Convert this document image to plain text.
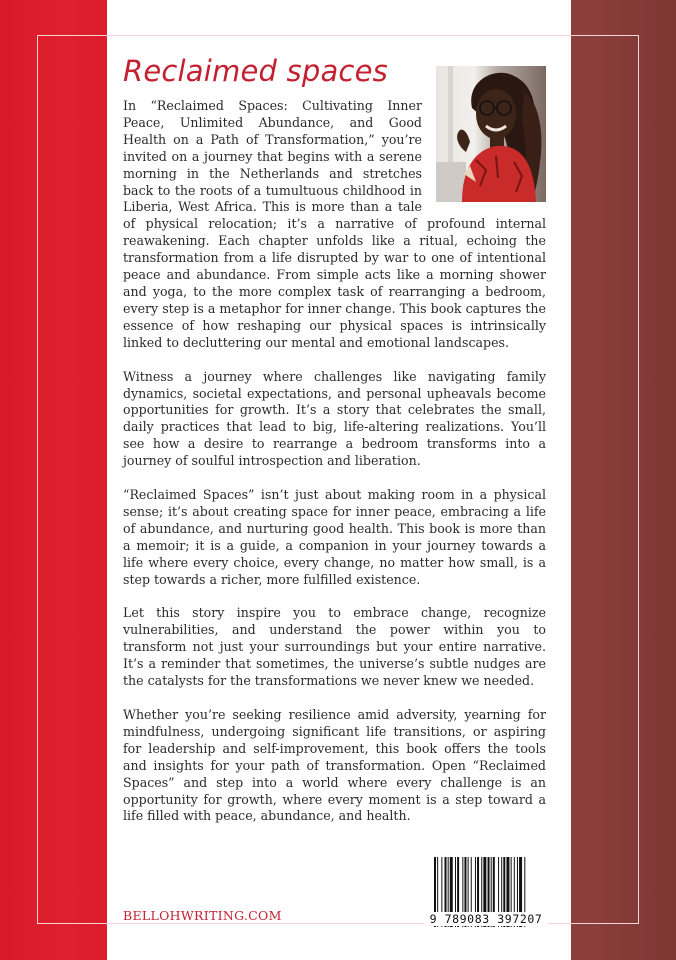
Reclaimed spaces

In “Reclaimed Spaces: Cultivating Inner Peace, Unlimited Abundance, and Good Health on a Path of Transformation,” you’re invited on a journey that begins with a serene morning in the Netherlands and stretches back to the roots of a tumultuous childhood in Liberia, West Africa. This is more than a tale of physical relocation; it’s a narrative of profound internal reawakening. Each chapter unfolds like a ritual, echoing the transformation from a life disrupted by war to one of intentional peace and abundance. From simple acts like a morning shower and yoga, to the more complex task of rearranging a bedroom, every step is a metaphor for inner change. This book captures the essence of how reshaping our physical spaces is intrinsically linked to decluttering our mental and emotional landscapes.

Witness a journey where challenges like navigating family dynamics, societal expectations, and personal upheavals become opportunities for growth. It’s a story that celebrates the small, daily practices that lead to big, life-altering realizations. You’ll see how a desire to rearrange a bedroom transforms into a journey of soulful introspection and liberation.

“Reclaimed Spaces” isn’t just about making room in a physical sense; it’s about creating space for inner peace, embracing a life of abundance, and nurturing good health. This book is more than a memoir; it is a guide, a companion in your journey towards a life where every choice, every change, no matter how small, is a step towards a richer, more fulfilled existence.

Let this story inspire you to embrace change, recognize vulnerabilities, and understand the power within you to transform not just your surroundings but your entire narrative. It’s a reminder that sometimes, the universe’s subtle nudges are the catalysts for the transformations we never knew we needed.

Whether you’re seeking resilience amid adversity, yearning for mindfulness, undergoing significant life transitions, or aspiring for leadership and self-improvement, this book offers the tools and insights for your path of transformation. Open “Reclaimed Spaces” and step into a world where every challenge is an opportunity for growth, where every moment is a step toward a life filled with peace, abundance, and health.

BELLOHWRITING.COM	9 789083 397207
